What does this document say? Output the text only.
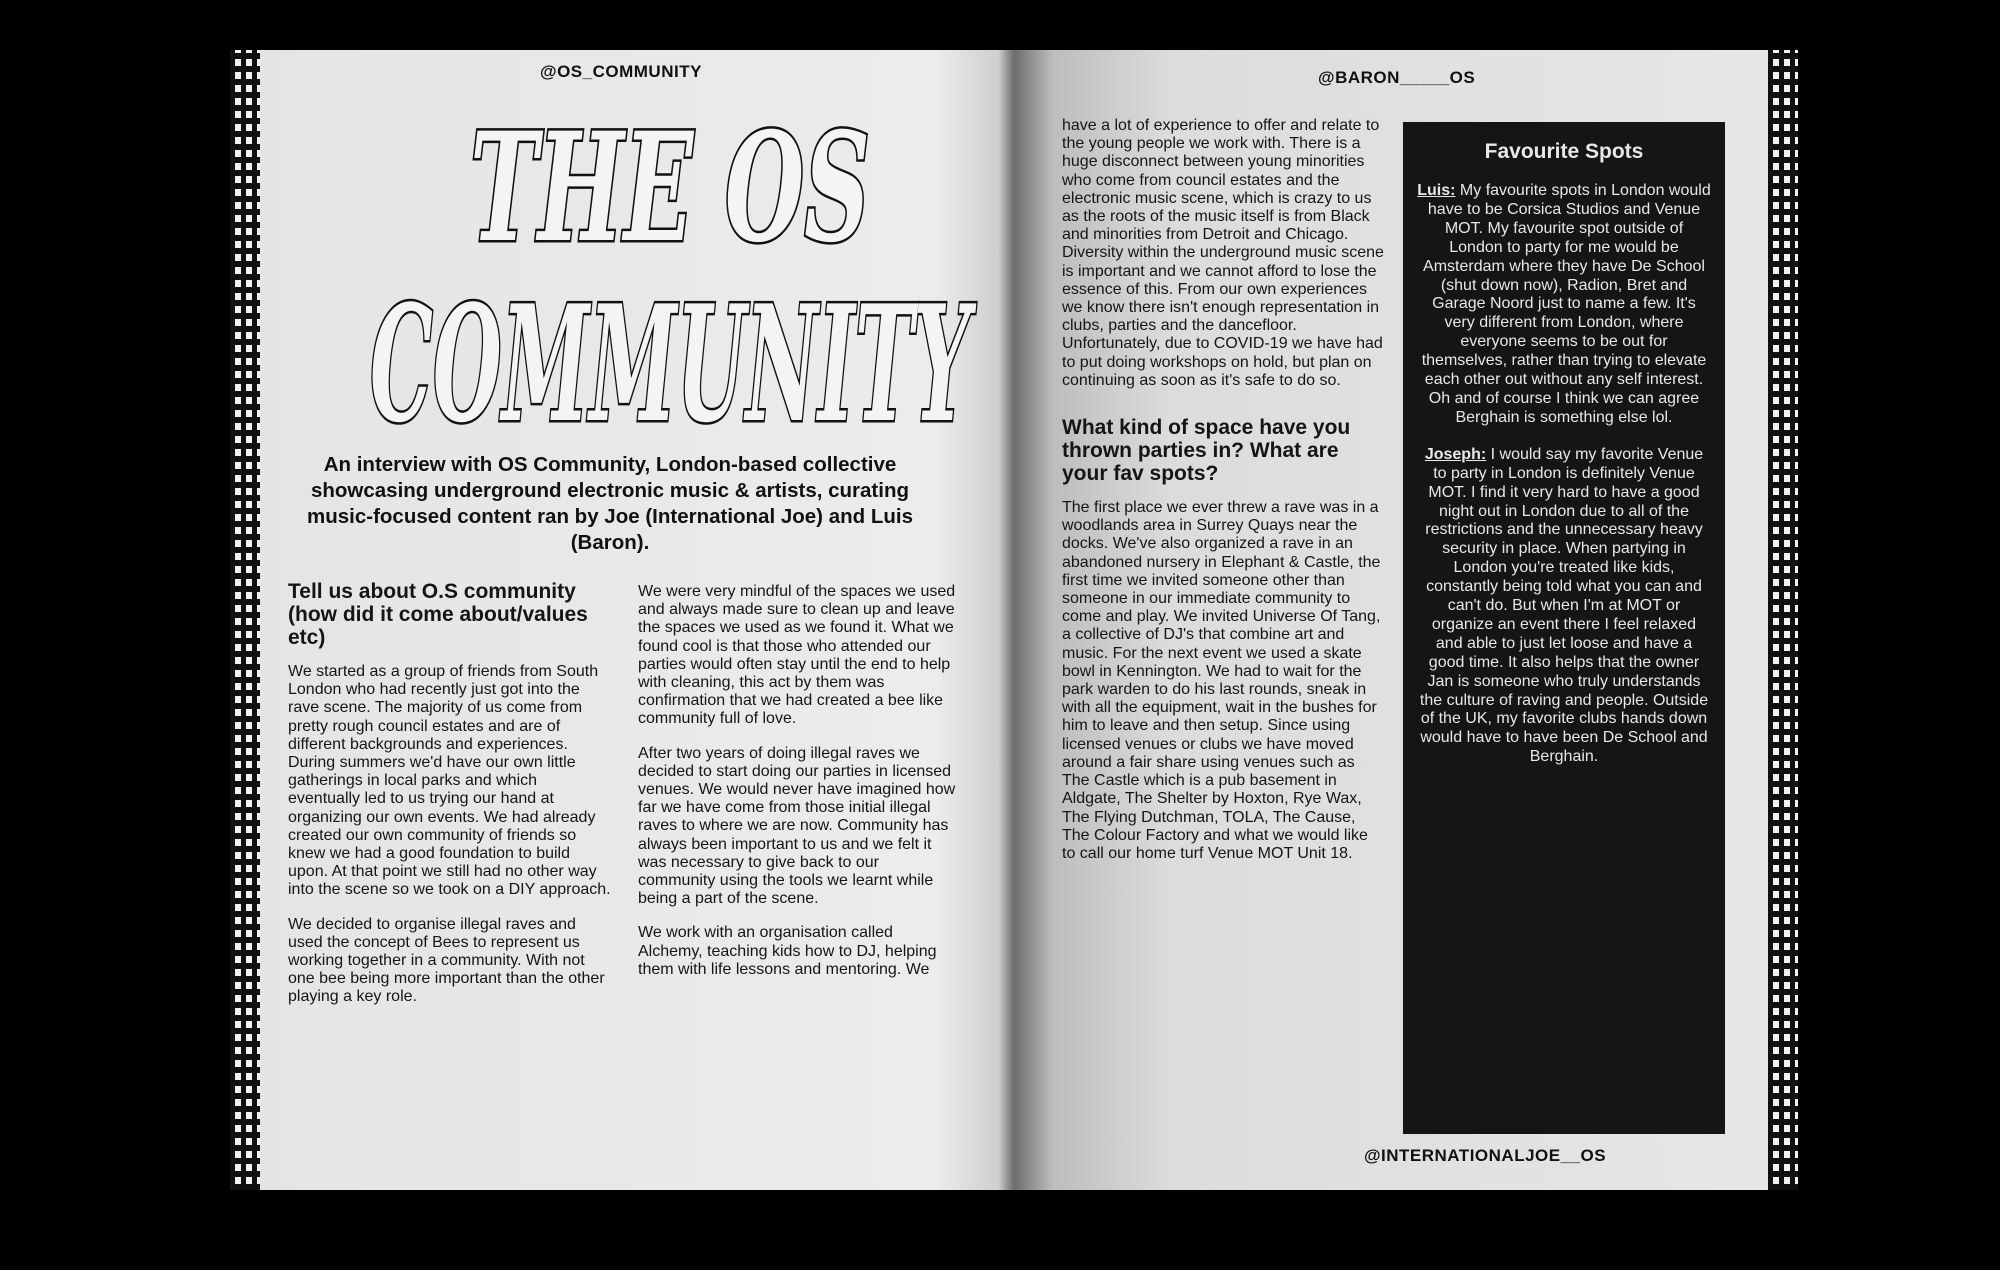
@OS_COMMUNITY	@BARON_____OS
THE OS
COMMUNITY
An interview with OS Community, London-based collective showcasing underground electronic music & artists, curating music-focused content ran by Joe (International Joe) and Luis (Baron).
Tell us about O.S community (how did it come about/values etc)

We started as a group of friends from South London who had recently just got into the rave scene. The majority of us come from pretty rough council estates and are of different backgrounds and experiences. During summers we'd have our own little gatherings in local parks and which eventually led to us trying our hand at organizing our own events. We had already created our own community of friends so knew we had a good foundation to build upon. At that point we still had no other way into the scene so we took on a DIY approach.

We decided to organise illegal raves and used the concept of Bees to represent us working together in a community. With not one bee being more important than the other playing a key role.

We were very mindful of the spaces we used and always made sure to clean up and leave the spaces we used as we found it. What we found cool is that those who attended our parties would often stay until the end to help with cleaning, this act by them was confirmation that we had created a bee like community full of love.

After two years of doing illegal raves we decided to start doing our parties in licensed venues. We would never have imagined how far we have come from those initial illegal raves to where we are now. Community has always been important to us and we felt it was necessary to give back to our community using the tools we learnt while being a part of the scene.

We work with an organisation called Alchemy, teaching kids how to DJ, helping them with life lessons and mentoring. We

have a lot of experience to offer and relate to the young people we work with. There is a huge disconnect between young minorities who come from council estates and the electronic music scene, which is crazy to us as the roots of the music itself is from Black and minorities from Detroit and Chicago. Diversity within the underground music scene is important and we cannot afford to lose the essence of this. From our own experiences we know there isn't enough representation in clubs, parties and the dancefloor. Unfortunately, due to COVID-19 we have had to put doing workshops on hold, but plan on continuing as soon as it's safe to do so.

What kind of space have you thrown parties in? What are your fav spots?

The first place we ever threw a rave was in a woodlands area in Surrey Quays near the docks. We've also organized a rave in an abandoned nursery in Elephant & Castle, the first time we invited someone other than someone in our immediate community to come and play. We invited Universe Of Tang, a collective of DJ's that combine art and music. For the next event we used a skate bowl in Kennington. We had to wait for the park warden to do his last rounds, sneak in with all the equipment, wait in the bushes for him to leave and then setup. Since using licensed venues or clubs we have moved around a fair share using venues such as The Castle which is a pub basement in Aldgate, The Shelter by Hoxton, Rye Wax, The Flying Dutchman, TOLA, The Cause, The Colour Factory and what we would like to call our home turf Venue MOT Unit 18.

Favourite Spots

Luis: My favourite spots in London would have to be Corsica Studios and Venue MOT. My favourite spot outside of London to party for me would be Amsterdam where they have De School (shut down now), Radion, Bret and Garage Noord just to name a few. It's very different from London, where everyone seems to be out for themselves, rather than trying to elevate each other out without any self interest. Oh and of course I think we can agree Berghain is something else lol.

Joseph: I would say my favorite Venue to party in London is definitely Venue MOT. I find it very hard to have a good night out in London due to all of the restrictions and the unnecessary heavy security in place. When partying in London you're treated like kids, constantly being told what you can and can't do. But when I'm at MOT or organize an event there I feel relaxed and able to just let loose and have a good time. It also helps that the owner Jan is someone who truly understands the culture of raving and people. Outside of the UK, my favorite clubs hands down would have to have been De School and Berghain.

@INTERNATIONALJOE__OS
